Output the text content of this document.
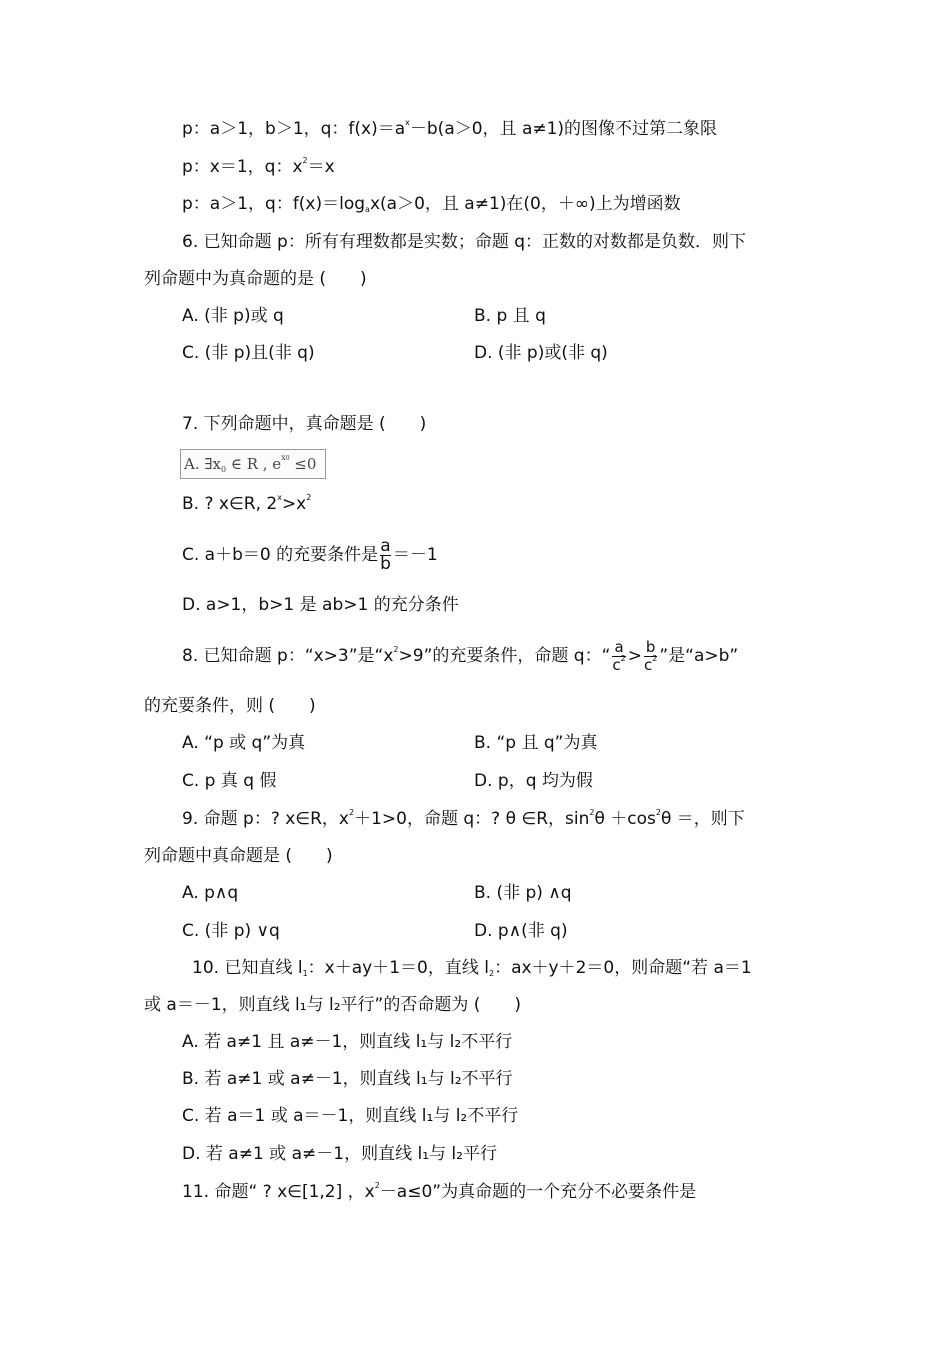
p：a＞1，b＞1，q：$f(x)=a^x-b(a>0$，且 a≠1)的图像不过第二象限
p：x＝1，q：$x^2=x$
p：a＞1，q：$f(x)=\log_ax(a>0$，且 a≠1)在(0，＋∞)上为增函数
6. 已知命题 p：所有有理数都是实数；命题 q：正数的对数都是负数．则下
列命题中为真命题的是 (　　)
A. (非 p)或 q	B. p 且 q
C. (非 p)且(非 q)	D. (非 p)或(非 q)
7. 下列命题中，真命题是 (　　)
A. $\exists x_0$ ∈ R , $e^{x0} \le 0$
B. ? x∈R, $2^x>x^2$
C. a＋b＝0 的充要条件是 $\frac{a}{b} =-1$
D. a>1，b>1 是 ab>1 的充分条件
8. 已知命题 p：“x>3”是“$x^2>9$”的充要条件，命题 q：“ $\frac{a}{c^2} > \frac{b}{c^2}$ ”是“a>b”
的充要条件，则 (　　)
A. “p 或 q”为真	B. “p 且 q”为真
C. p 真 q 假	D. p，q 均为假
9. 命题 p：? x∈R，$x^2+1>0$，命题 q：? θ ∈R，$\sin^2\theta +\cos^2\theta$ ＝，则下
列命题中真命题是 (　　)
A. p∧q	B. (非 p) ∧q
C. (非 p) ∨q	D. p∧(非 q)
10. 已知直线 $l_1$：x＋ay＋1＝0，直线 $l_2$：ax＋y＋2＝0，则命题“若 a＝1
或 a＝－1，则直线 l₁与 l₂平行”的否命题为 (　　)
A. 若 a≠1 且 a≠－1，则直线 l₁与 l₂不平行
B. 若 a≠1 或 a≠－1，则直线 l₁与 l₂不平行
C. 若 a＝1 或 a＝－1，则直线 l₁与 l₂不平行
D. 若 a≠1 或 a≠－1，则直线 l₁与 l₂平行
11. 命题“ ? x∈[1,2] ，$x^2-a\le 0$”为真命题的一个充分不必要条件是
